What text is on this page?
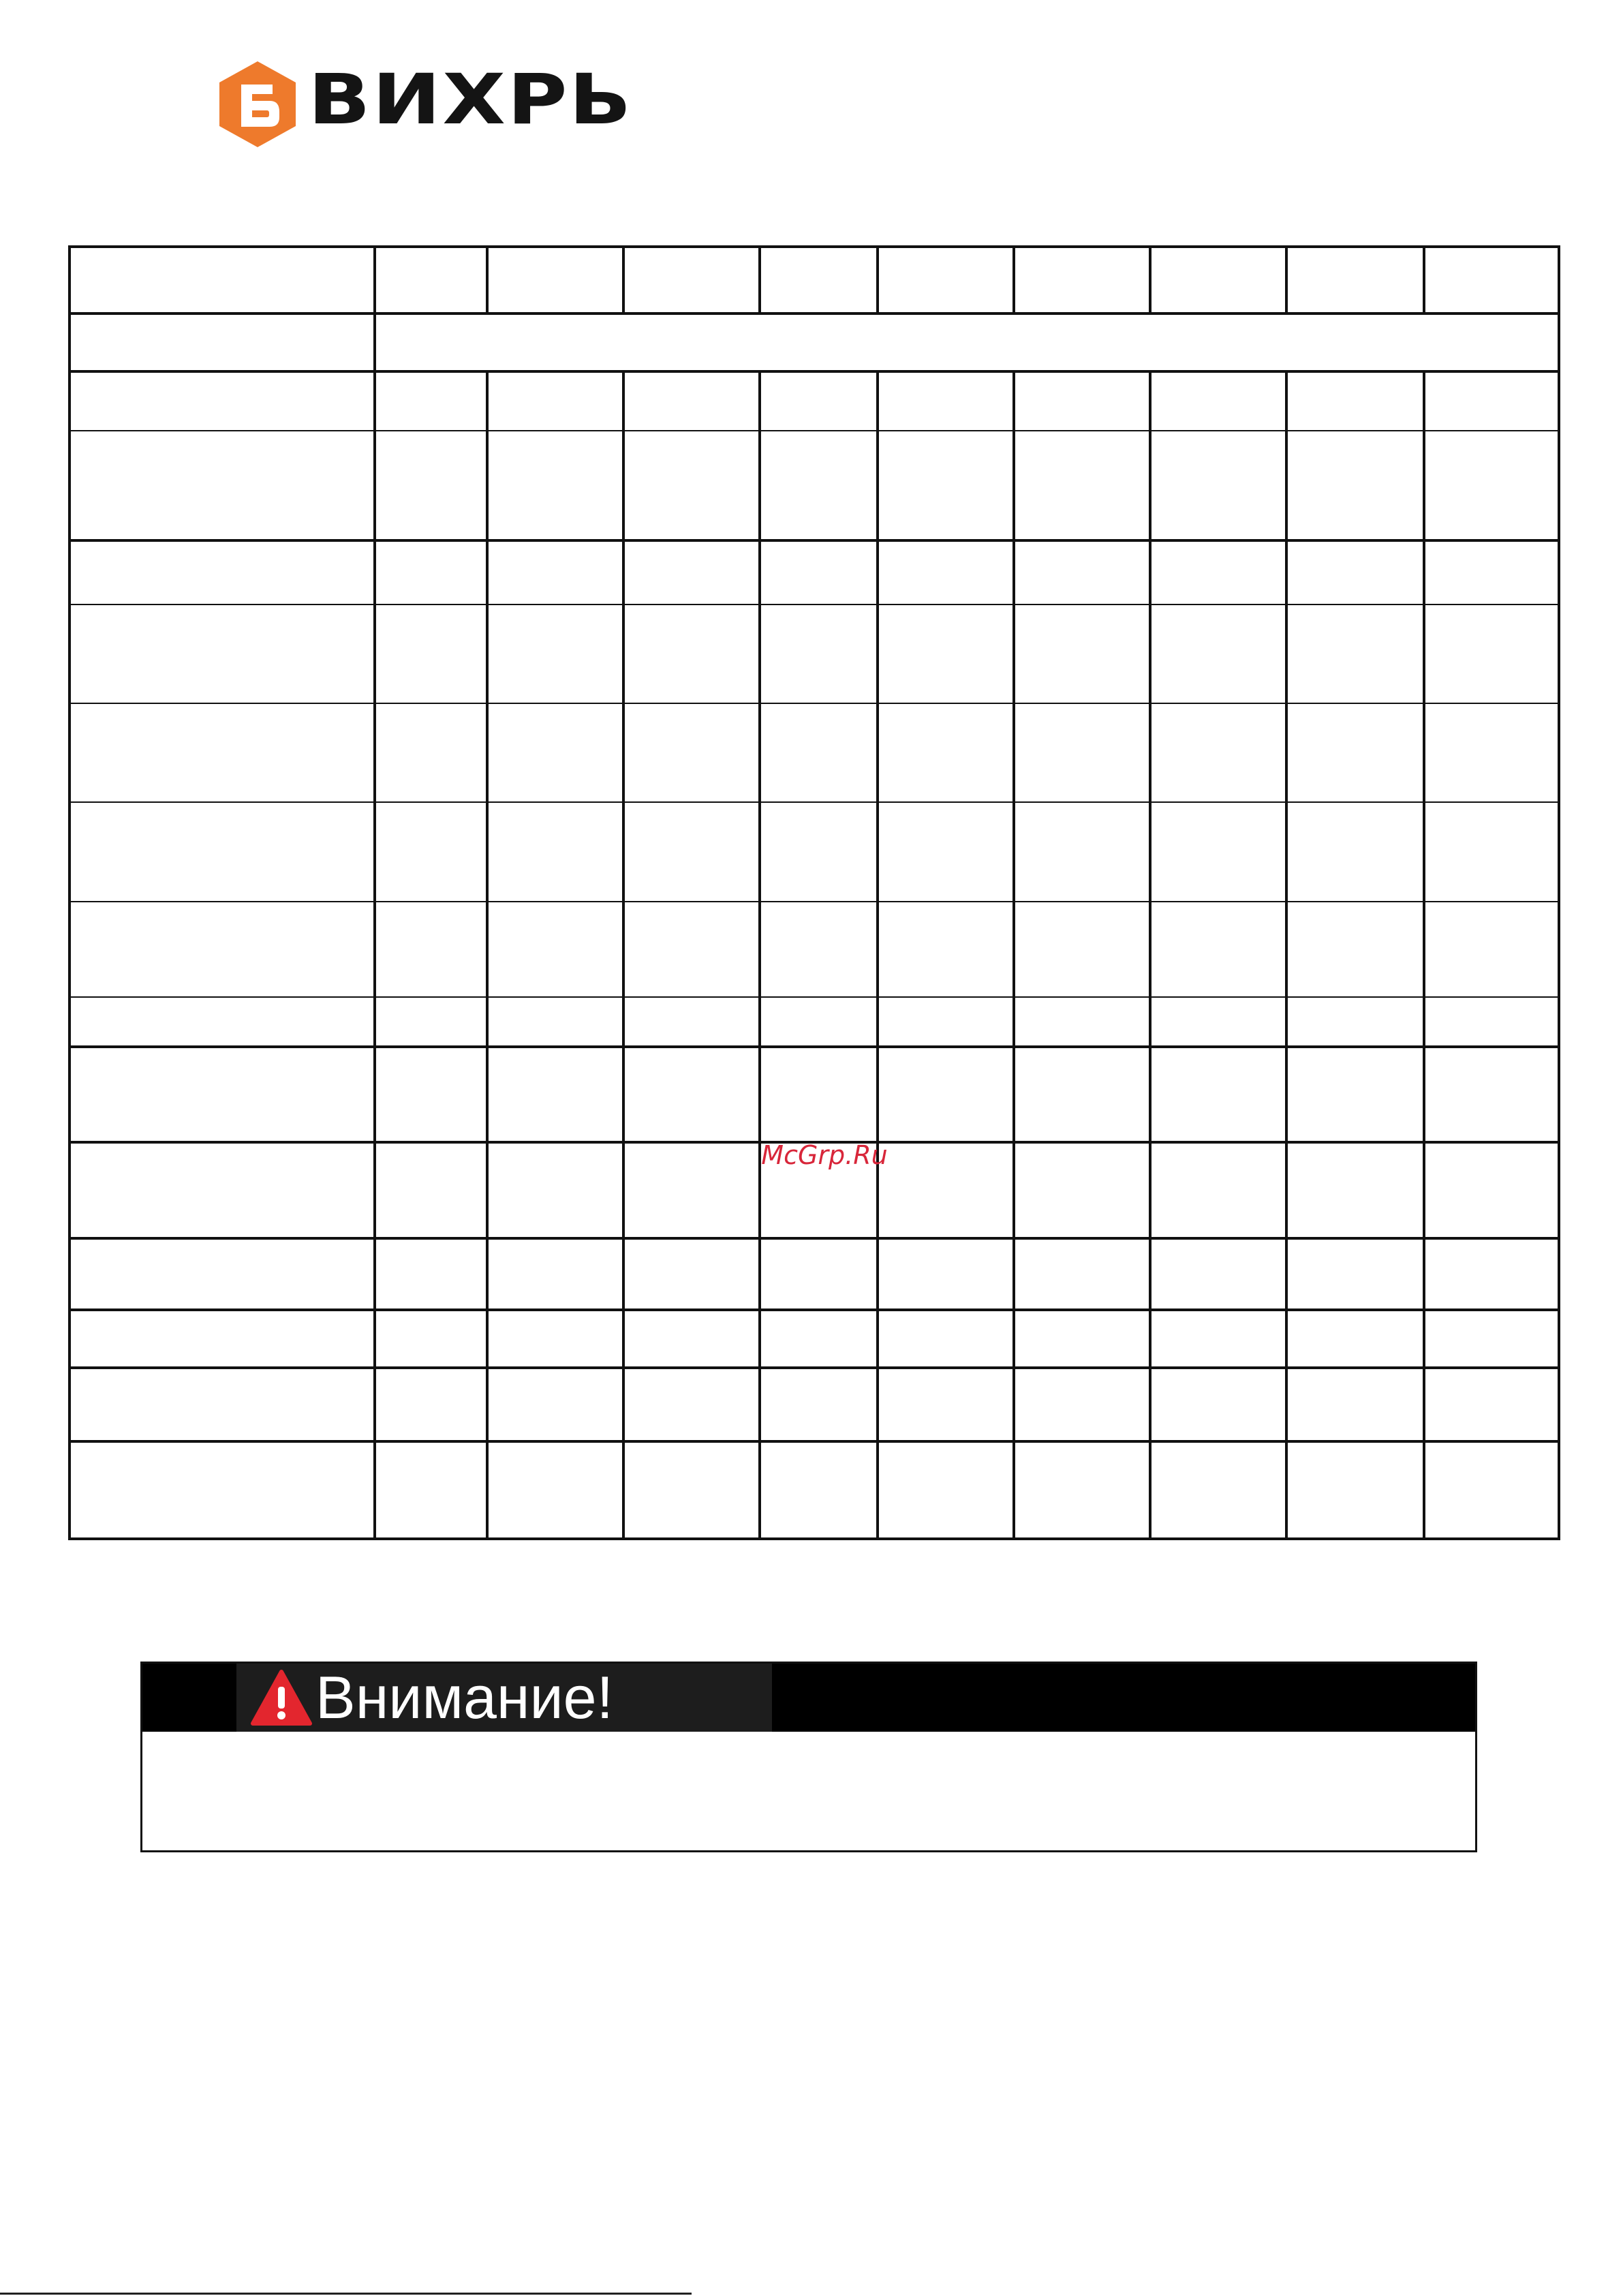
ВИХРЬ
McGrp.Ru
Внимание!
